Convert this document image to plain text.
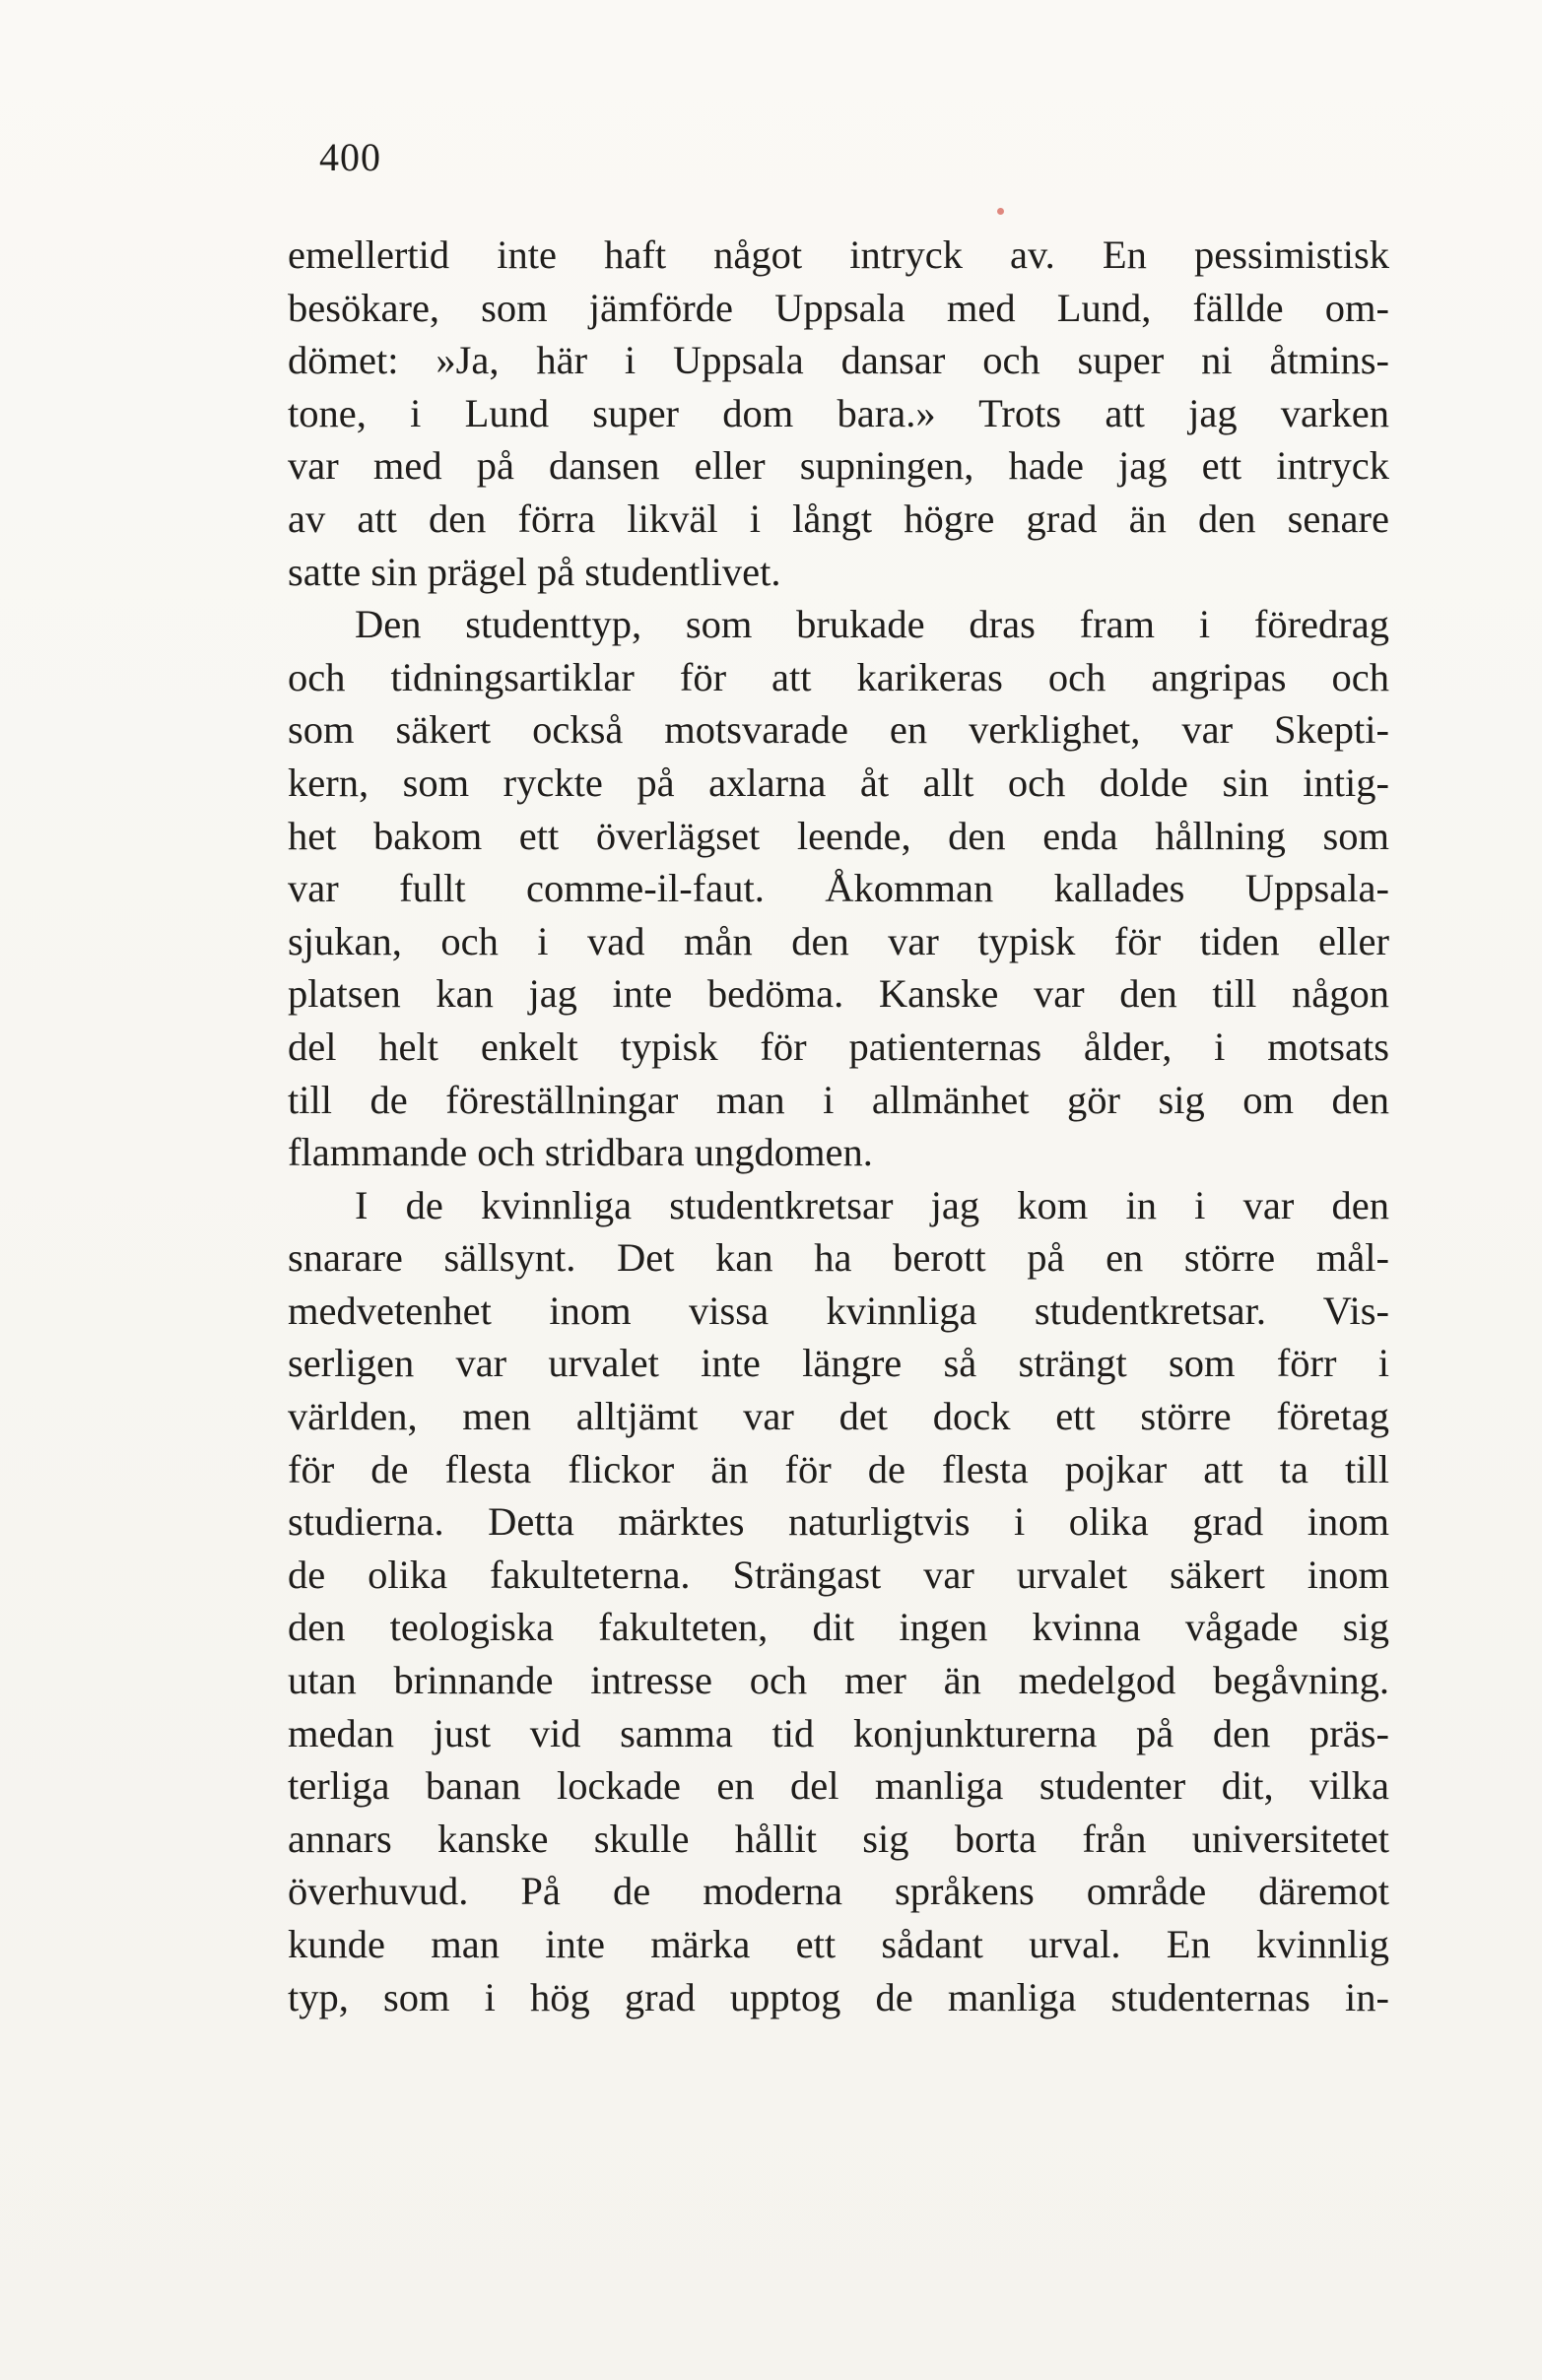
400
emellertid inte haft något intryck av. En pessimistisk
besökare, som jämförde Uppsala med Lund, fällde om-
dömet: »Ja, här i Uppsala dansar och super ni åtmins-
tone, i Lund super dom bara.» Trots att jag varken
var med på dansen eller supningen, hade jag ett intryck
av att den förra likväl i långt högre grad än den senare
satte sin prägel på studentlivet.
Den studenttyp, som brukade dras fram i föredrag
och tidningsartiklar för att karikeras och angripas och
som säkert också motsvarade en verklighet, var Skepti-
kern, som ryckte på axlarna åt allt och dolde sin intig-
het bakom ett överlägset leende, den enda hållning som
var fullt comme-il-faut. Åkomman kallades Uppsala-
sjukan, och i vad mån den var typisk för tiden eller
platsen kan jag inte bedöma. Kanske var den till någon
del helt enkelt typisk för patienternas ålder, i motsats
till de föreställningar man i allmänhet gör sig om den
flammande och stridbara ungdomen.
I de kvinnliga studentkretsar jag kom in i var den
snarare sällsynt. Det kan ha berott på en större mål-
medvetenhet inom vissa kvinnliga studentkretsar. Vis-
serligen var urvalet inte längre så strängt som förr i
världen, men alltjämt var det dock ett större företag
för de flesta flickor än för de flesta pojkar att ta till
studierna. Detta märktes naturligtvis i olika grad inom
de olika fakulteterna. Strängast var urvalet säkert inom
den teologiska fakulteten, dit ingen kvinna vågade sig
utan brinnande intresse och mer än medelgod begåvning.
medan just vid samma tid konjunkturerna på den präs-
terliga banan lockade en del manliga studenter dit, vilka
annars kanske skulle hållit sig borta från universitetet
överhuvud. På de moderna språkens område däremot
kunde man inte märka ett sådant urval. En kvinnlig
typ, som i hög grad upptog de manliga studenternas in-
